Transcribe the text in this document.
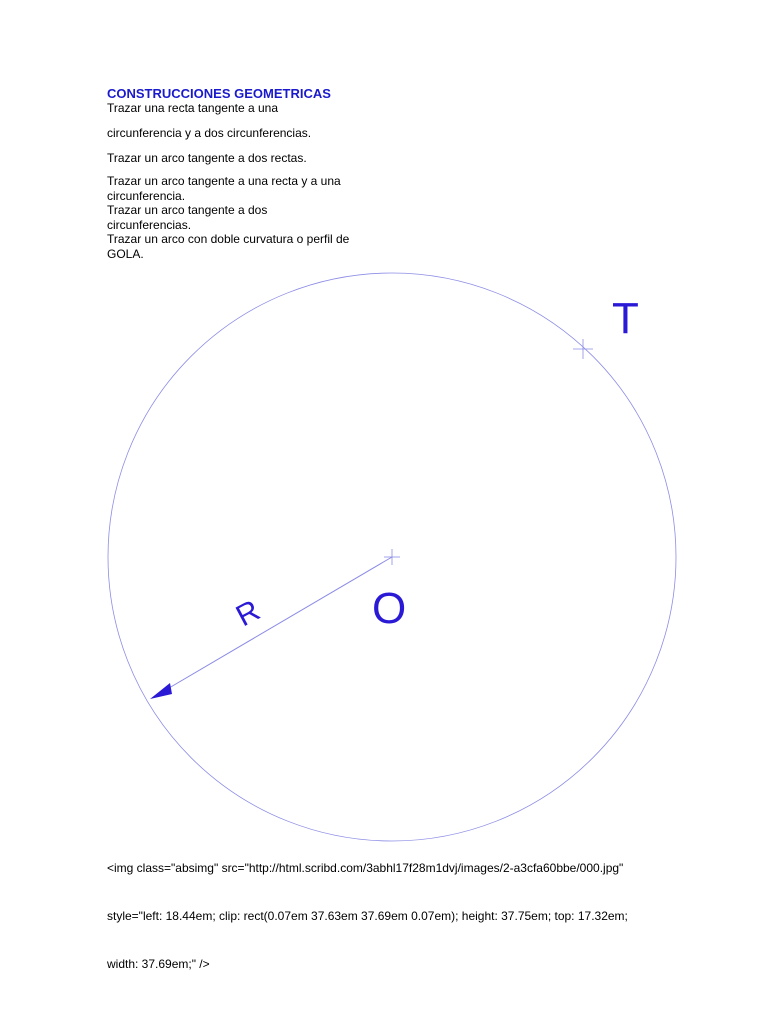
CONSTRUCCIONES GEOMETRICAS

Trazar una recta tangente a una

circunferencia y a dos circunferencias.

Trazar un arco tangente a dos rectas.

Trazar un arco tangente a una recta y a una

circunferencia.

Trazar un arco tangente a dos

circunferencias.

Trazar un arco con doble curvatura o perfil de

GOLA.

T
O
R

<img class="absimg" src="http://html.scribd.com/3abhl17f28m1dvj/images/2-a3cfa60bbe/000.jpg"

style="left: 18.44em; clip: rect(0.07em 37.63em 37.69em 0.07em); height: 37.75em; top: 17.32em;

width: 37.69em;" />
